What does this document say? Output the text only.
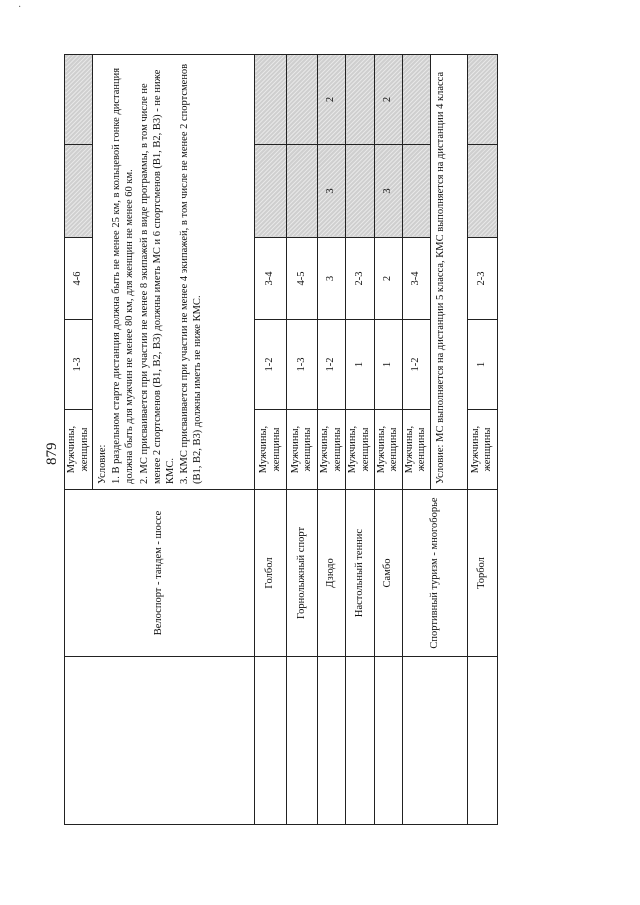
·
879
	Велоспорт - тандем - шоссе	Мужчины, женщины	1-3	4-6		

		Условие: 1. В раздельном старте дистанция должна быть не менее 25 км, в кольцевой гонке дистанция должна быть для мужчин не менее 80 км, для женщин не менее 60 км. 2. МС присваивается при участии не менее 8 экипажей в виде программы, в том числе не менее 2 спортсменов (В1, В2, В3) должны иметь МС и 6 спортсменов (В1, В2, В3) - не ниже КМС. 3. КМС присваивается при участии не менее 4 экипажей, в том числе не менее 2 спортсменов (В1, В2, В3) должны иметь не ниже КМС.				

	Голбол	Мужчины, женщины	1-2	3-4		
	Горнолыжный спорт	Мужчины, женщины	1-3	4-5		
	Дзюдо	Мужчины, женщины	1-2	3	3	2
	Настольный теннис	Мужчины, женщины	1	2-3		
	Самбо	Мужчины, женщины	1	2	3	2
	Спортивный туризм - многоборье	Мужчины, женщины	1-2	3-4		
		Условие: МС выполняется на дистанции 5 класса, КМС выполняется на дистанции 4 класса				
	Торбол	Мужчины, женщины	1	2-3		
